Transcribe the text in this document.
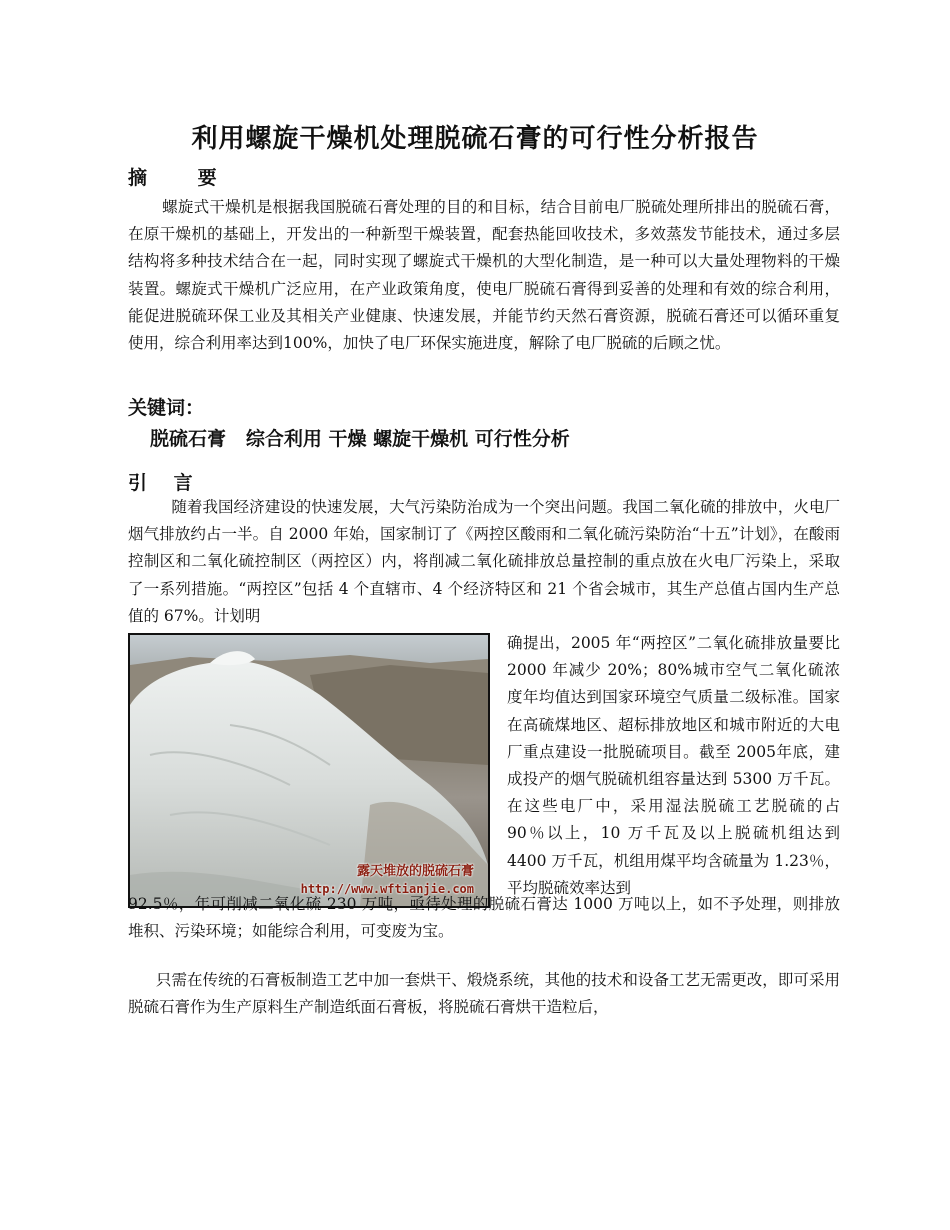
利用螺旋干燥机处理脱硫石膏的可行性分析报告
摘 要

螺旋式干燥机是根据我国脱硫石膏处理的目的和目标，结合目前电厂脱硫处理所排出的脱硫石膏，在原干燥机的基础上，开发出的一种新型干燥装置，配套热能回收技术，多效蒸发节能技术，通过多层结构将多种技术结合在一起，同时实现了螺旋式干燥机的大型化制造，是一种可以大量处理物料的干燥装置。螺旋式干燥机广泛应用，在产业政策角度，使电厂脱硫石膏得到妥善的处理和有效的综合利用，能促进脱硫环保工业及其相关产业健康、快速发展，并能节约天然石膏资源，脱硫石膏还可以循环重复使用，综合利用率达到100%，加快了电厂环保实施进度，解除了电厂脱硫的后顾之忧。

关键词：
脱硫石膏   综合利用 干燥 螺旋干燥机 可行性分析
引 言

随着我国经济建设的快速发展，大气污染防治成为一个突出问题。我国二氧化硫的排放中，火电厂烟气排放约占一半。自 2000 年始，国家制订了《两控区酸雨和二氧化硫污染防治“十五”计划》，在酸雨控制区和二氧化硫控制区（两控区）内，将削减二氧化硫排放总量控制的重点放在火电厂污染上，采取了一系列措施。“两控区”包括 4 个直辖市、4 个经济特区和 21 个省会城市，其生产总值占国内生产总值的 67%。计划明

露天堆放的脱硫石膏
http://www.wftianjie.com

确提出，2005 年“两控区”二氧化硫排放量要比 2000 年减少 20%；80%城市空气二氧化硫浓度年均值达到国家环境空气质量二级标准。国家在高硫煤地区、超标排放地区和城市附近的大电厂重点建设一批脱硫项目。截至 2005年底，建成投产的烟气脱硫机组容量达到 5300 万千瓦。在这些电厂中，采用湿法脱硫工艺脱硫的占 90％以上，10 万千瓦及以上脱硫机组达到 4400 万千瓦，机组用煤平均含硫量为 1.23％，平均脱硫效率达到

92.5％，年可削减二氧化硫 230 万吨，亟待处理的脱硫石膏达 1000 万吨以上，如不予处理，则排放堆积、污染环境；如能综合利用，可变废为宝。

只需在传统的石膏板制造工艺中加一套烘干、煅烧系统，其他的技术和设备工艺无需更改，即可采用脱硫石膏作为生产原料生产制造纸面石膏板，将脱硫石膏烘干造粒后，
